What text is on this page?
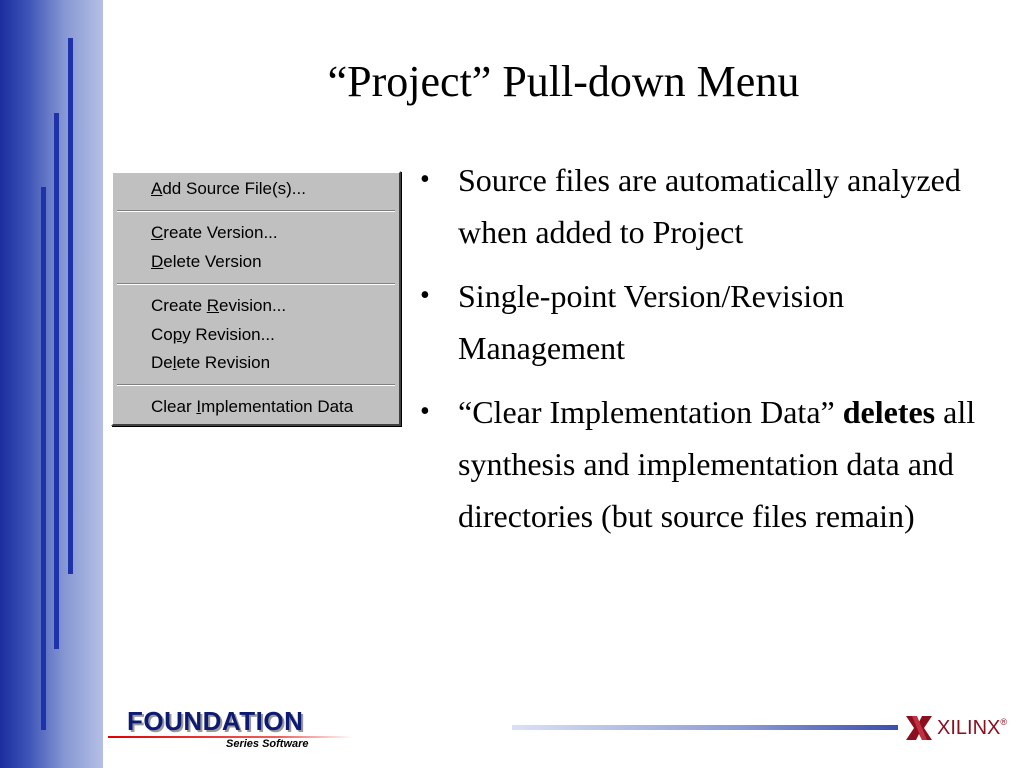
“Project” Pull-down Menu
Add Source File(s)...
Create Version...
Delete Version
Create Revision...
Copy Revision...
Delete Revision
Clear Implementation Data
• Source files are automatically analyzed when added to Project
• Single-point Version/Revision Management
• “Clear Implementation Data” deletes all synthesis and implementation data and directories (but source files remain)
FOUNDATION
Series Software
XILINX ®
